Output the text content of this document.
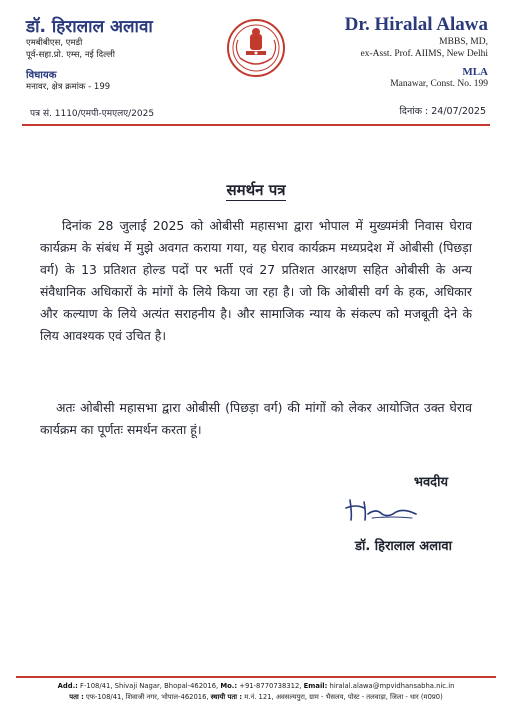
डॉ. हिरालाल अलावा
एमबीबीएस, एमडी
पूर्व-सहा.प्रो. एम्स, नई दिल्ली
विधायक
मनावर, क्षेत्र क्रमांक - 199
पत्र सं. 1110/एमपी-एमएलए/2025
Dr. Hiralal Alawa
MBBS, MD,
ex-Asst. Prof. AIIMS, New Delhi
MLA
Manawar, Const. No. 199
दिनांक : 24/07/2025
समर्थन पत्र
दिनांक 28 जुलाई 2025 को ओबीसी महासभा द्वारा भोपाल में मुख्यमंत्री निवास घेराव कार्यक्रम के संबंध में मुझे अवगत कराया गया, यह घेराव कार्यक्रम मध्यप्रदेश में ओबीसी (पिछड़ा वर्ग) के 13 प्रतिशत होल्ड पदों पर भर्ती एवं 27 प्रतिशत आरक्षण सहित ओबीसी के अन्य संवैधानिक अधिकारों के मांगों के लिये किया जा रहा है। जो कि ओबीसी वर्ग के हक, अधिकार और कल्याण के लिये अत्यंत सराहनीय है। और सामाजिक न्याय के संकल्प को मजबूती देने के लिय आवश्यक एवं उचित है।
अतः ओबीसी महासभा द्वारा ओबीसी (पिछड़ा वर्ग) की मांगों को लेकर आयोजित उक्त घेराव कार्यक्रम का पूर्णतः समर्थन करता हूं।
भवदीय
डॉ. हिरालाल अलावा
Add.: F-108/41, Shivaji Nagar, Bhopal-462016, Mo.: +91-8770738312, Email: hiralal.alawa@mpvidhansabha.nic.in
पता : एफ-108/41, शिवाजी नगर, भोपाल-462016, स्थायी पता : म.नं. 121, अवसल्यपुरा, ग्राम - भैसलय, पोस्ट - तलवाड़ा, जिला - धार (म0प्र0)
